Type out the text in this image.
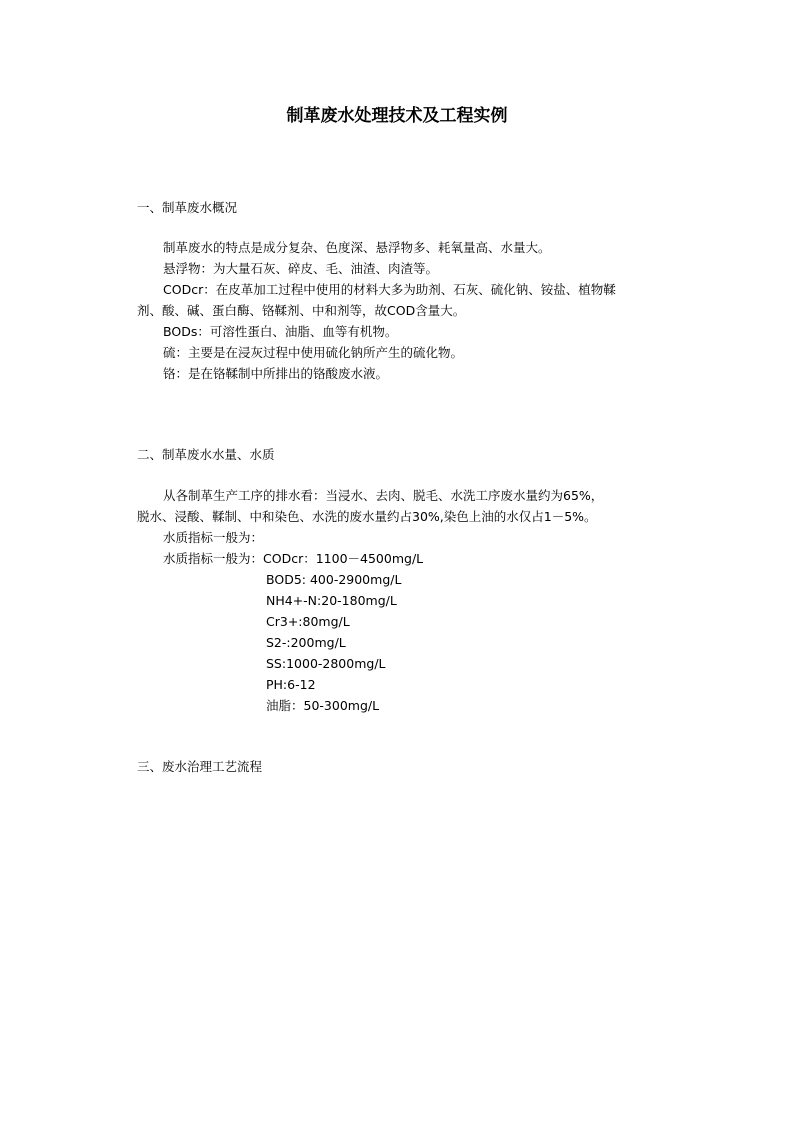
制革废水处理技术及工程实例
一、制革废水概况
制革废水的特点是成分复杂、色度深、悬浮物多、耗氧量高、水量大。
悬浮物：为大量石灰、碎皮、毛、油渣、肉渣等。
CODcr：在皮革加工过程中使用的材料大多为助剂、石灰、硫化钠、铵盐、植物鞣
剂、酸、碱、蛋白酶、铬鞣剂、中和剂等，故COD含量大。
BODs：可溶性蛋白、油脂、血等有机物。
硫：主要是在浸灰过程中使用硫化钠所产生的硫化物。
铬：是在铬鞣制中所排出的铬酸废水液。
二、制革废水水量、水质
从各制革生产工序的排水看：当浸水、去肉、脱毛、水洗工序废水量约为65%，
脱水、浸酸、鞣制、中和染色、水洗的废水量约占30%,染色上油的水仅占1－5%。
水质指标一般为：
水质指标一般为：CODcr：1100－4500mg/L
BOD5: 400-2900mg/L
NH4+-N:20-180mg/L
Cr3+:80mg/L
S2-:200mg/L
SS:1000-2800mg/L
PH:6-12
油脂：50-300mg/L
三、废水治理工艺流程
